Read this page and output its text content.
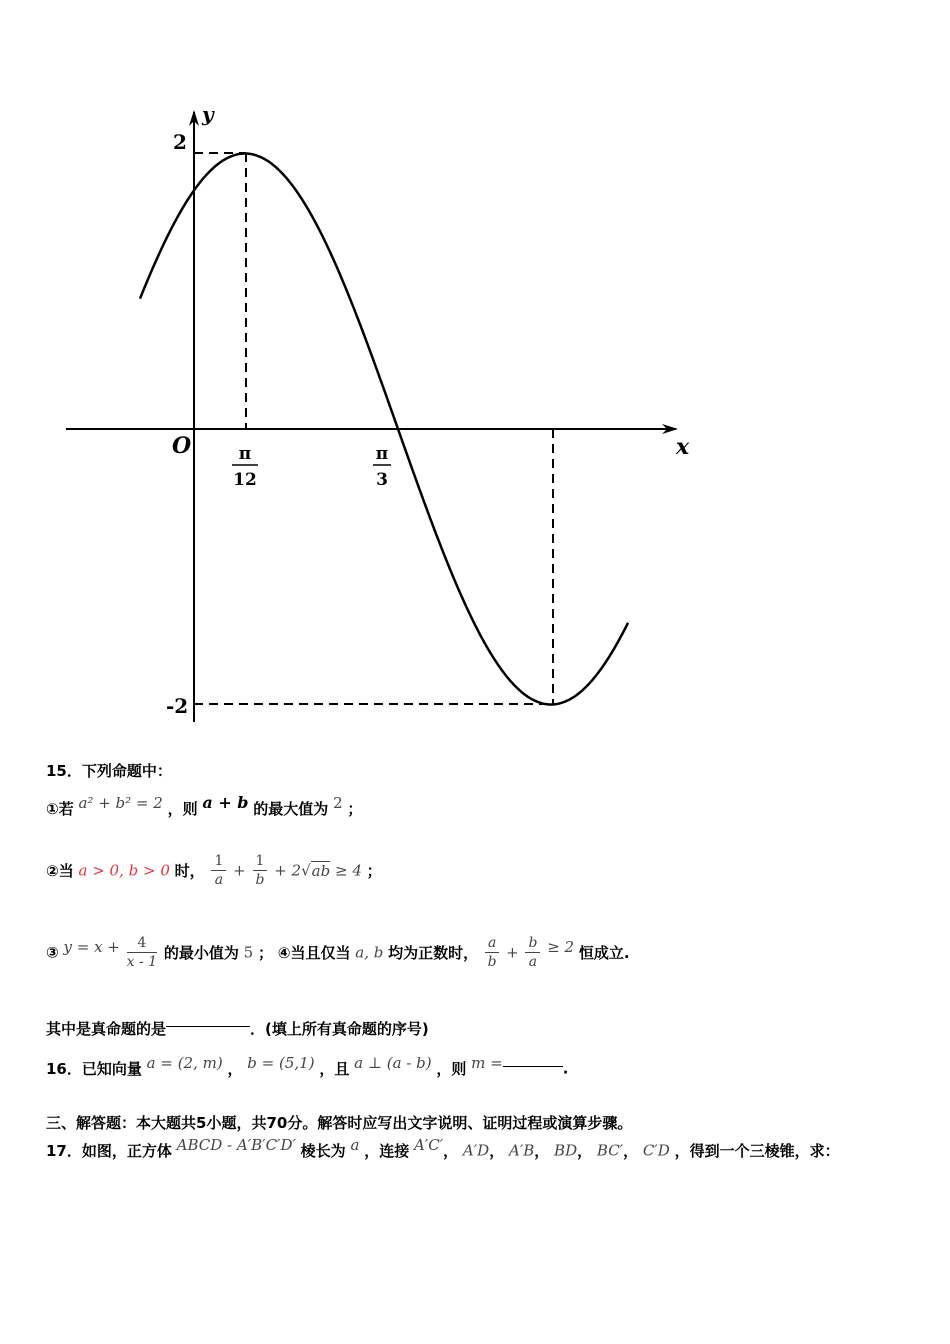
y
x
O
2
-2
π
12
π
3
15．下列命题中：
①若 a² + b² = 2 ，则 a + b 的最大值为 2 ；
②当 a > 0, b > 0 时， $\frac{1}{a} + \frac{1}{b} + 2√ab \ge 4$ ；
③ $y = x + \frac{4}{x - 1}$ 的最小值为 5 ； ④当且仅当 a, b 均为正数时， $\frac{a}{b} + \frac{b}{a} \ge 2$ 恒成立.
其中是真命题的是	．(填上所有真命题的序号)
16．已知向量 a = (2, m) ， b = (5,1) ，且 a ⊥ (a - b) ，则 m =	.
三、解答题：本大题共5小题，共70分。解答时应写出文字说明、证明过程或演算步骤。
17．如图，正方体 ABCD - A′B′C′D′ 棱长为 a ，连接 A′C′， A′D， A′B， BD， BC′， C′D ，得到一个三棱锥，求：
